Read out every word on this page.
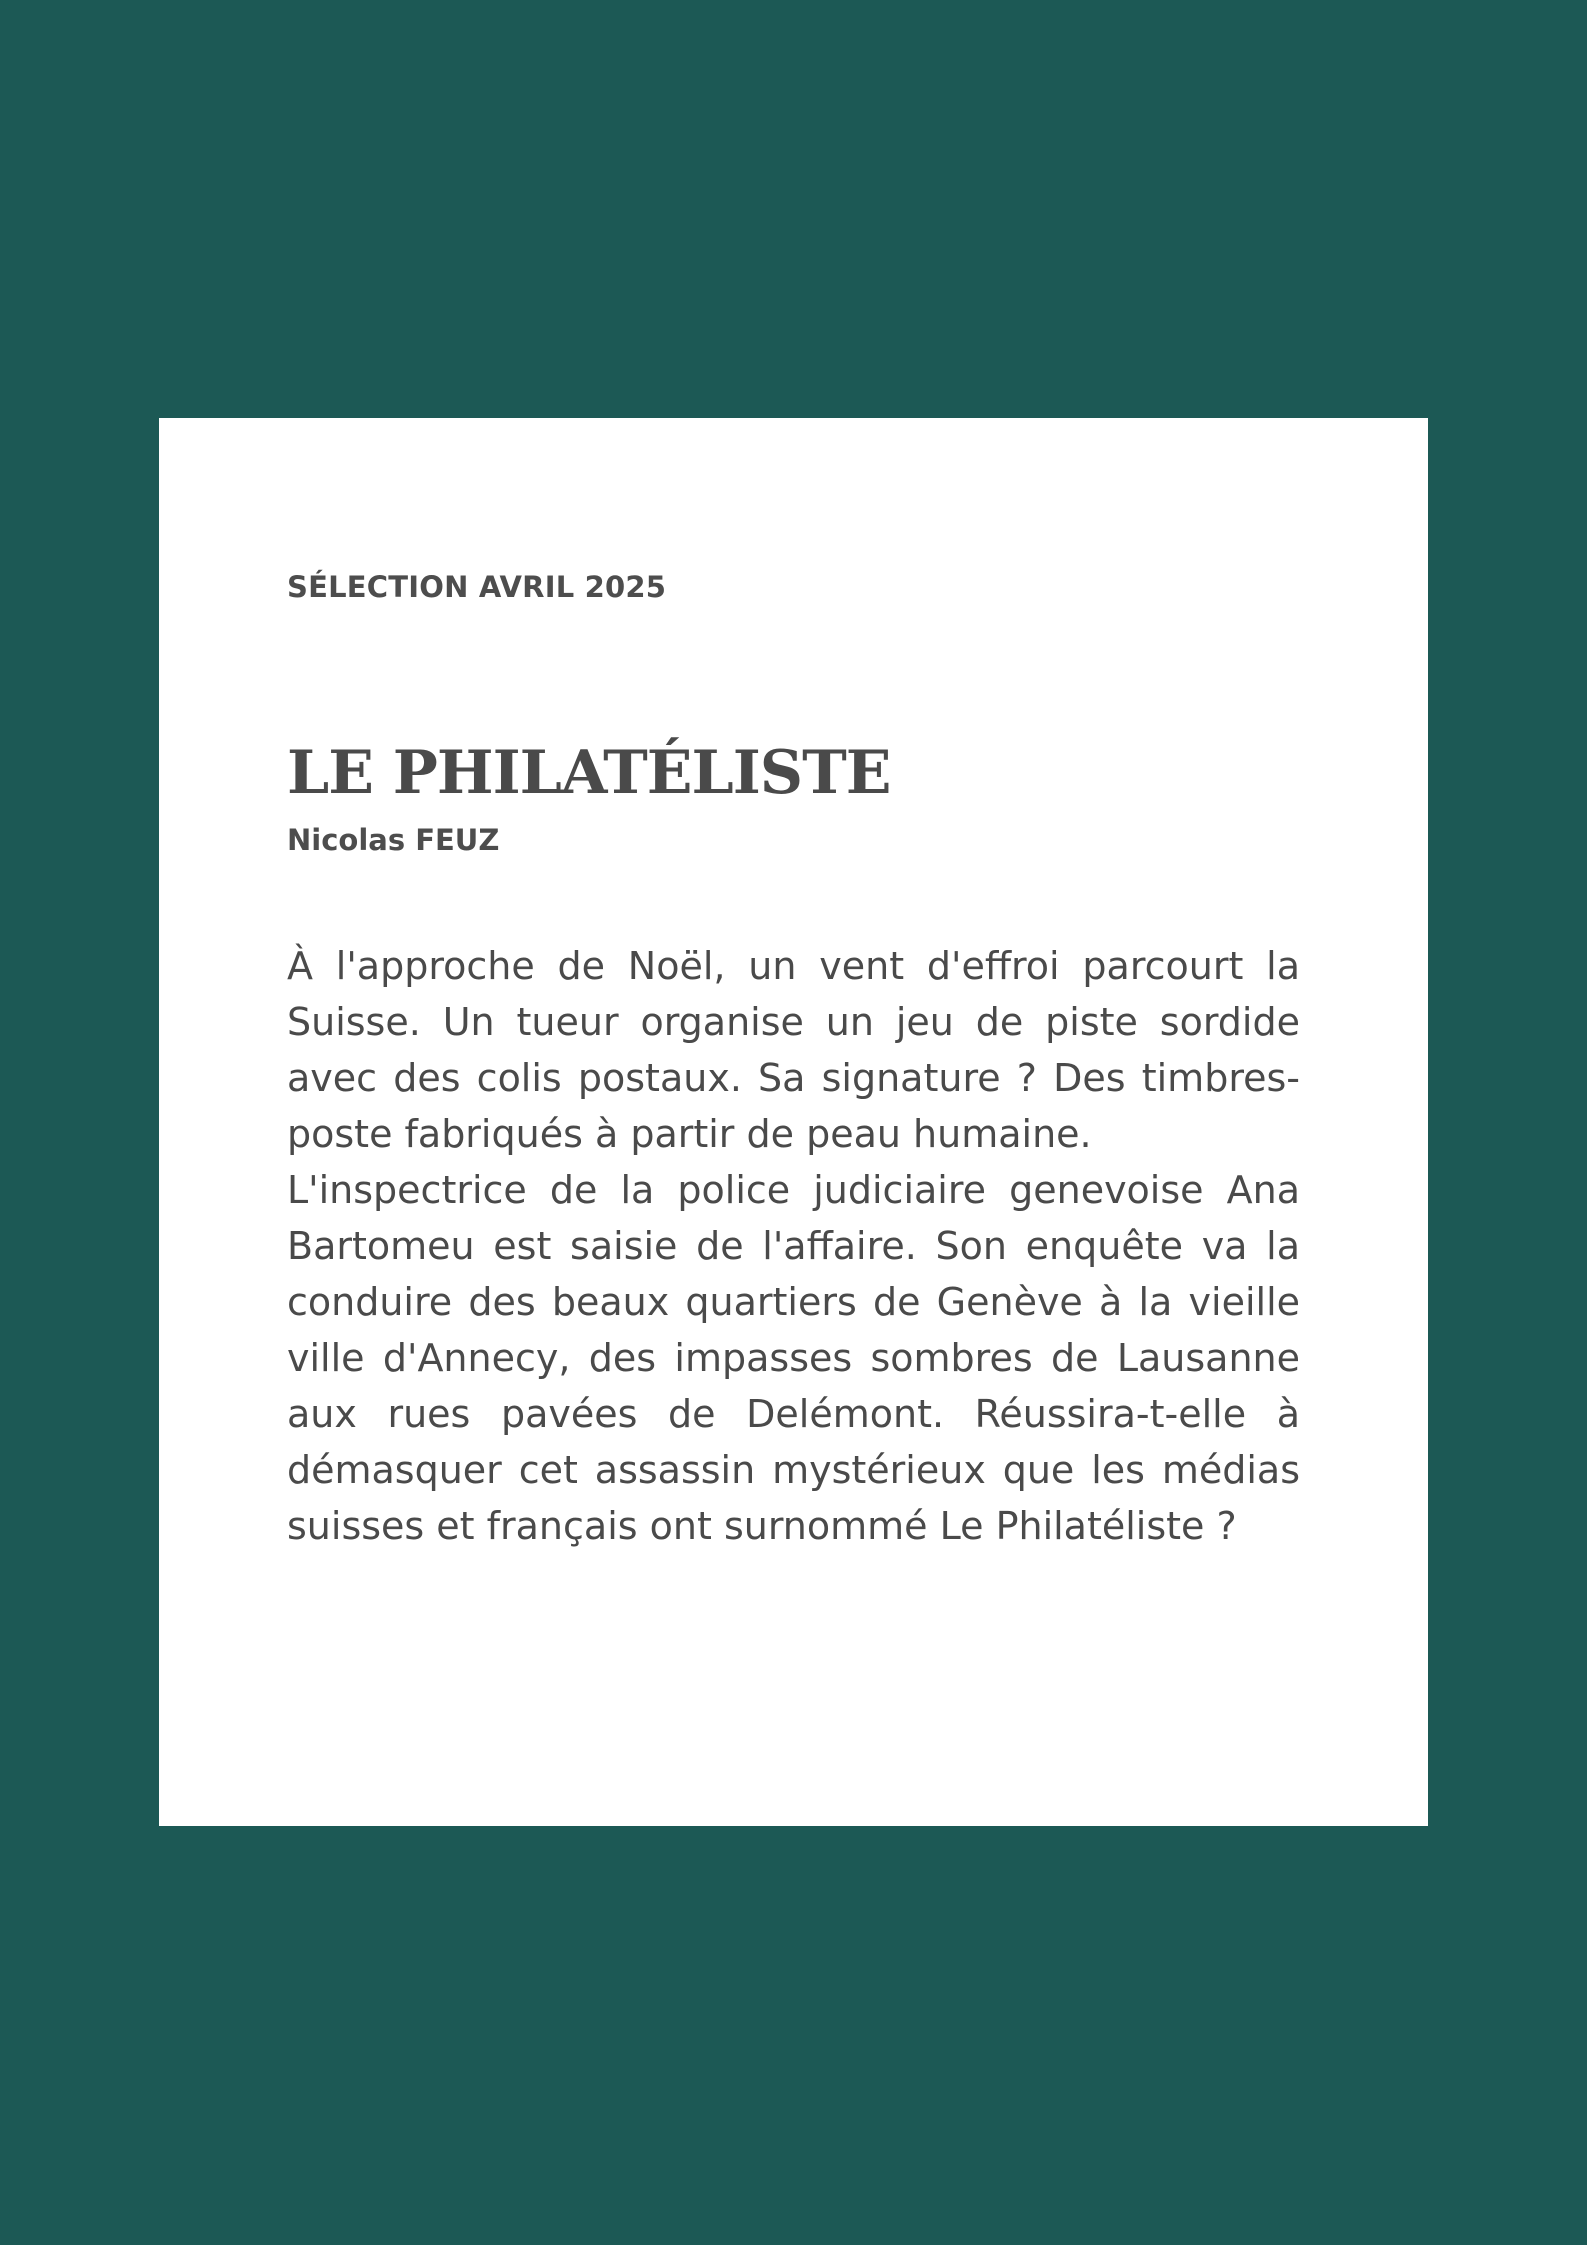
SÉLECTION AVRIL 2025
LE PHILATÉLISTE
Nicolas FEUZ

À l'approche de Noël, un vent d'effroi parcourt la Suisse. Un tueur organise un jeu de piste sordide avec des colis postaux. Sa signature ? Des timbres-poste fabriqués à partir de peau humaine.

L'inspectrice de la police judiciaire genevoise Ana Bartomeu est saisie de l'affaire. Son enquête va la conduire des beaux quartiers de Genève à la vieille ville d'Annecy, des impasses sombres de Lausanne aux rues pavées de Delémont. Réussira-t-elle à démasquer cet assassin mystérieux que les médias suisses et français ont surnommé Le Philatéliste ?
